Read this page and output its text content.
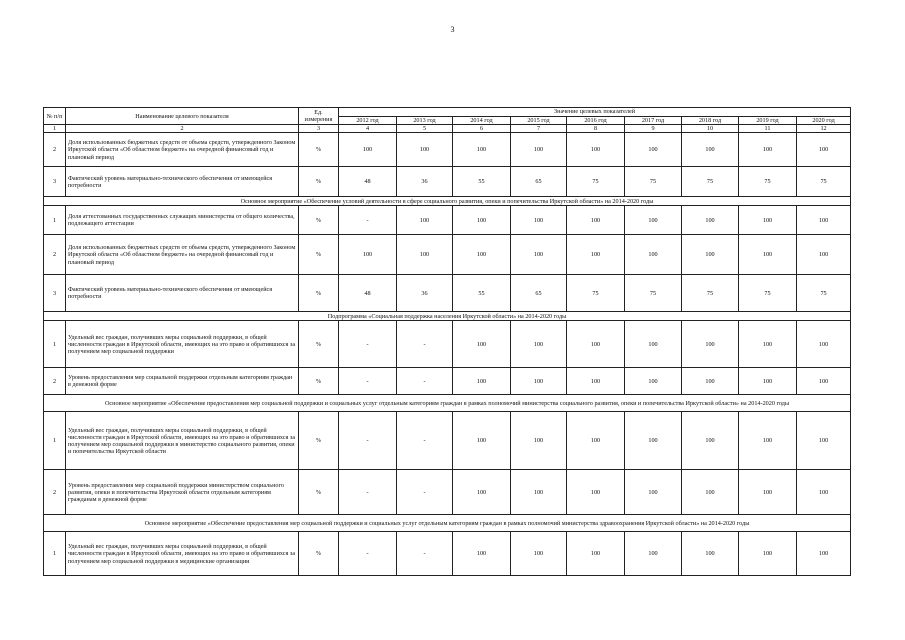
3
№ п/п	Наименование целевого показателя	Ед. измерения	Значение целевых показателей								
			2012 год	2013 год	2014 год	2015 год	2016 год	2017 год	2018 год	2019 год	2020 год
1	2	3	4	5	6	7	8	9	10	11	12
2	Доля использованных бюджетных средств от объема средств, утвержденного Законом Иркутской области «Об областном бюджете» на очередной финансовый год и плановый период	%	100	100	100	100	100	100	100	100	100
3	Фактический уровень материально-технического обеспечения от имеющейся потребности	%	48	36	55	65	75	75	75	75	75
Основное мероприятие «Обеспечение условий деятельности в сфере социального развития, опеки и попечительства Иркутской области» на 2014-2020 годы											
1	Доля аттестованных государственных служащих министерства от общего количества, подлежащего аттестации	%	-	100	100	100	100	100	100	100	100
2	Доля использованных бюджетных средств от объема средств, утвержденного Законом Иркутской области «Об областном бюджете» на очередной финансовый год и плановый период	%	100	100	100	100	100	100	100	100	100
3	Фактический уровень материально-технического обеспечения от имеющейся потребности	%	48	36	55	65	75	75	75	75	75
Подпрограмма «Социальная поддержка населения Иркутской области» на 2014-2020 годы											
1	Удельный вес граждан, получивших меры социальной поддержки, в общей численности граждан в Иркутской области, имеющих на это право и обратившихся за получением мер социальной поддержки	%	-	-	100	100	100	100	100	100	100
2	Уровень предоставления мер социальной поддержки отдельным категориям граждан в денежной форме	%	-	-	100	100	100	100	100	100	100
Основное мероприятие «Обеспечение предоставления мер социальной поддержки и социальных услуг отдельным категориям граждан в рамках полномочий министерства социального развития, опеки и попечительства Иркутской области» на 2014-2020 годы											
1	Удельный вес граждан, получивших меры социальной поддержки, в общей численности граждан в Иркутской области, имеющих на это право и обратившихся за получением мер социальной поддержки в министерство социального развития, опеки и попечительства Иркутской области	%	-	-	100	100	100	100	100	100	100
2	Уровень предоставления мер социальной поддержки министерством социального развития, опеки и попечительства Иркутской области отдельным категориям гражданам в денежной форме	%	-	-	100	100	100	100	100	100	100
Основное мероприятие «Обеспечение предоставления мер социальной поддержки и социальных услуг отдельным категориям граждан в рамках полномочий министерства здравоохранения Иркутской области» на 2014-2020 годы											
1	Удельный вес граждан, получивших меры социальной поддержки, в общей численности граждан в Иркутской области, имеющих на это право и обратившихся за получением мер социальной поддержки в медицинские организации	%	-	-	100	100	100	100	100	100	100
